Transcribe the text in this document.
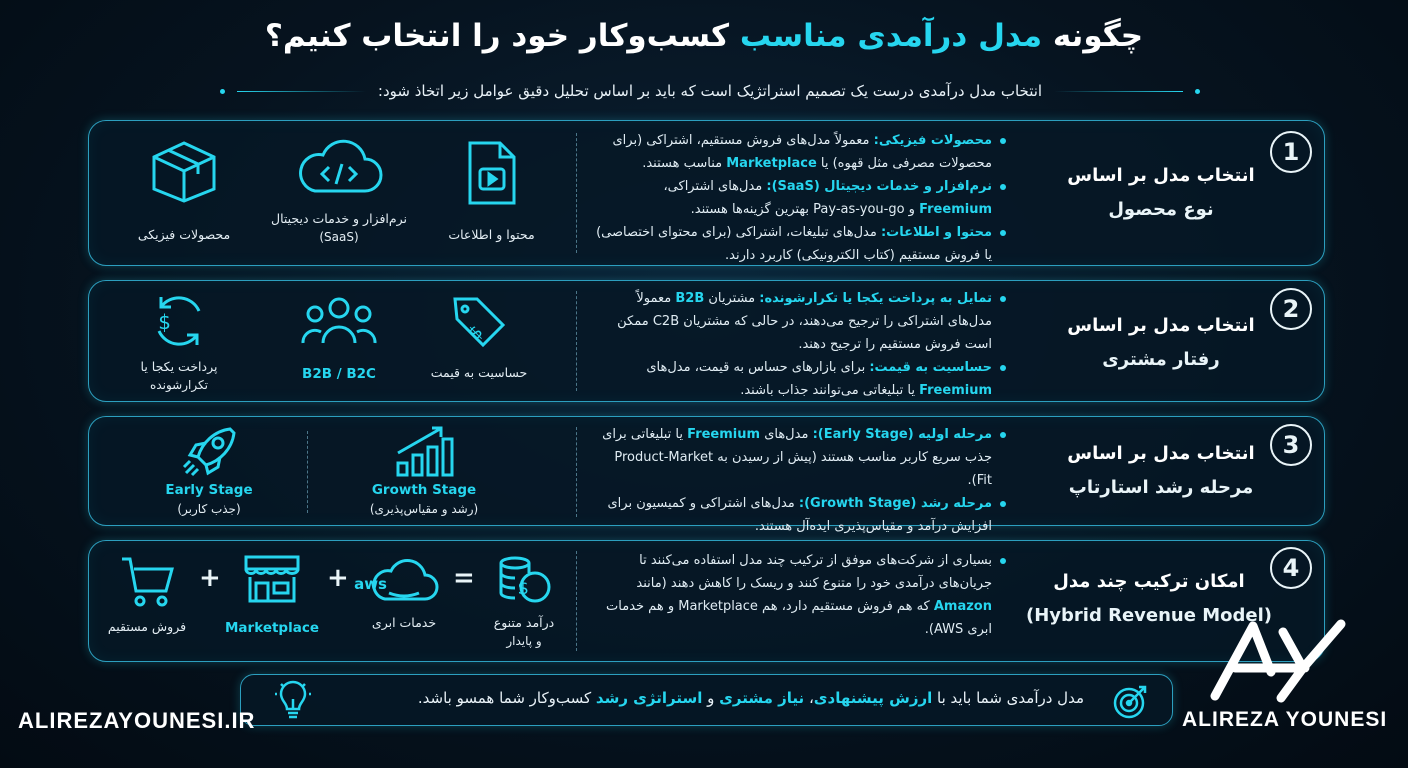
چگونه مدل درآمدی مناسب کسب‌وکار خود را انتخاب کنیم؟
انتخاب مدل درآمدی درست یک تصمیم استراتژیک است که باید بر اساس تحلیل دقیق عوامل زیر اتخاذ شود:
1
انتخاب مدل بر اساس
نوع محصول
محصولات فیزیکی: معمولاً مدل‌های فروش مستقیم، اشتراکی (برای محصولات مصرفی مثل قهوه) یا Marketplace مناسب هستند.
نرم‌افزار و خدمات دیجیتال (SaaS): مدل‌های اشتراکی، Freemium و Pay-as-you-go بهترین گزینه‌ها هستند.
محتوا و اطلاعات: مدل‌های تبلیغات، اشتراکی (برای محتوای اختصاصی) یا فروش مستقیم (کتاب الکترونیکی) کاربرد دارند.
محتوا و اطلاعات
نرم‌افزار و خدمات دیجیتال
(SaaS)
محصولات فیزیکی
2
انتخاب مدل بر اساس
رفتار مشتری
تمایل به پرداخت یکجا یا تکرارشونده: مشتریان B2B معمولاً مدل‌های اشتراکی را ترجیح می‌دهند، در حالی که مشتریان C2B ممکن است فروش مستقیم را ترجیح دهند.
حساسیت به قیمت: برای بازارهای حساس به قیمت، مدل‌های Freemium یا تبلیغاتی می‌توانند جذاب باشند.
$
حساسیت به قیمت
B2B / B2C
$
پرداخت یکجا یا
تکرارشونده
3
انتخاب مدل بر اساس
مرحله رشد استارتاپ
مرحله اولیه (Early Stage): مدل‌های Freemium یا تبلیغاتی برای جذب سریع کاربر مناسب هستند (پیش از رسیدن به Product-Market Fit).
مرحله رشد (Growth Stage): مدل‌های اشتراکی و کمیسیون برای افزایش درآمد و مقیاس‌پذیری ایده‌آل هستند.
Growth Stage
(رشد و مقیاس‌پذیری)
Early Stage
(جذب کاربر)
4
امکان ترکیب چند مدل
(Hybrid Revenue Model)
بسیاری از شرکت‌های موفق از ترکیب چند مدل استفاده می‌کنند تا جریان‌های درآمدی خود را متنوع کنند و ریسک را کاهش دهند (مانند Amazon که هم فروش مستقیم دارد، هم Marketplace و هم خدمات ابری AWS).
$
درآمد متنوع
و پایدار
=
aws
خدمات ابری
+
Marketplace
+
فروش مستقیم
مدل درآمدی شما باید با ارزش پیشنهادی، نیاز مشتری و استراتژی رشد کسب‌وکار شما همسو باشد.
ALIREZAYOUNESI.IR	ALIREZA YOUNESI
